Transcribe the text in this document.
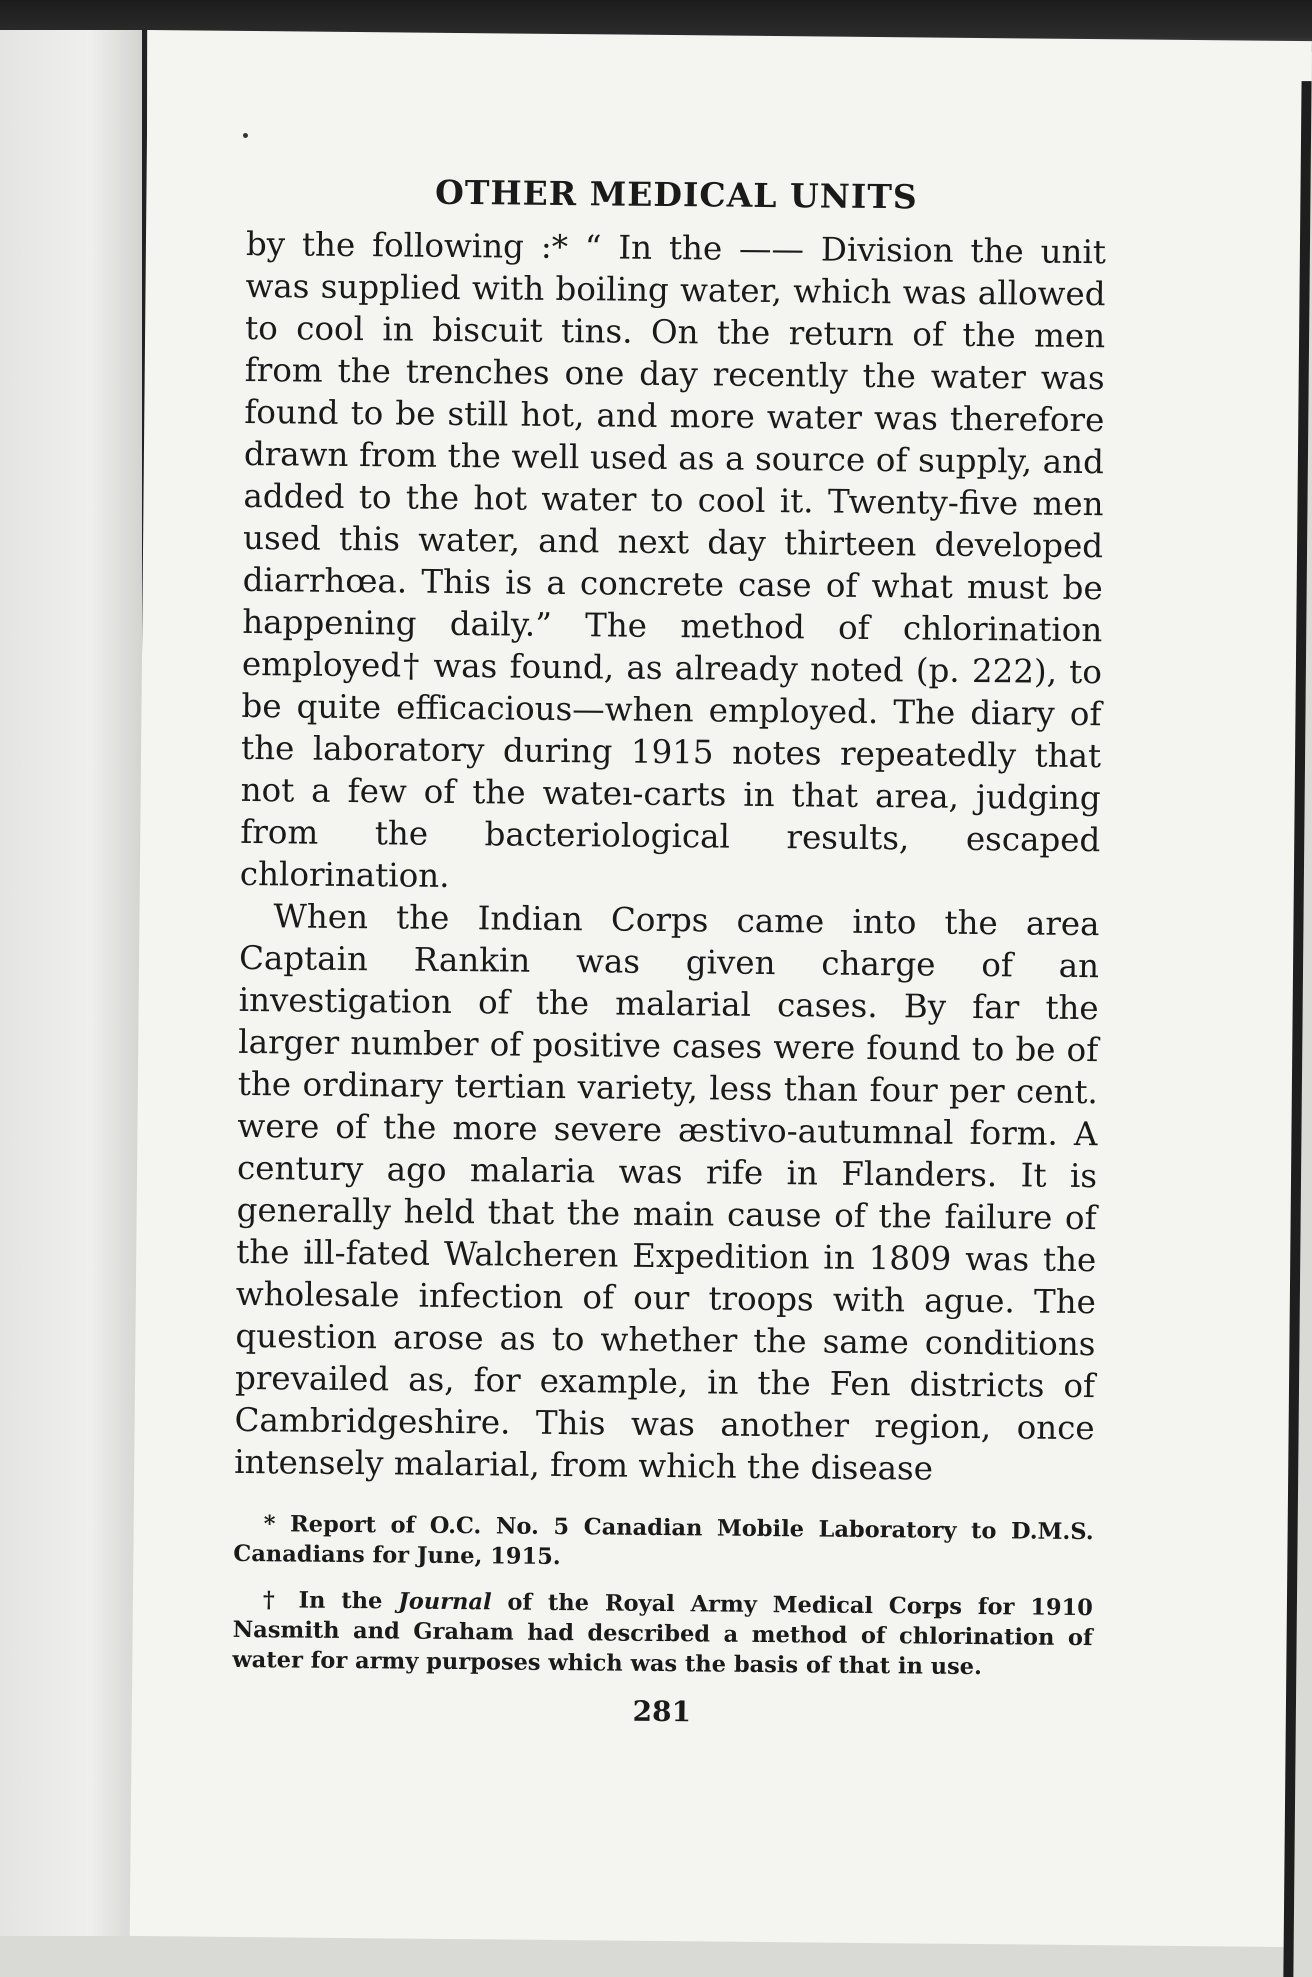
OTHER MEDICAL UNITS

by the following :* “ In the —— Division the unit was supplied with boiling water, which was allowed to cool in biscuit tins. On the return of the men from the trenches one day recently the water was found to be still hot, and more water was therefore drawn from the well used as a source of supply, and added to the hot water to cool it. Twenty-five men used this water, and next day thirteen developed diarrhœa. This is a concrete case of what must be happening daily.” The method of chlorination employed† was found, as already noted (p. 222), to be quite efficacious—when employed. The diary of the laboratory during 1915 notes repeatedly that not a few of the wateı-carts in that area, judging from the bacteriological results, escaped chlorination.

When the Indian Corps came into the area Captain Rankin was given charge of an investigation of the malarial cases. By far the larger number of positive cases were found to be of the ordinary tertian variety, less than four per cent. were of the more severe æstivo-autumnal form. A century ago malaria was rife in Flanders. It is generally held that the main cause of the failure of the ill-fated Walcheren Expedition in 1809 was the wholesale infection of our troops with ague. The question arose as to whether the same conditions prevailed as, for example, in the Fen districts of Cambridgeshire. This was another region, once intensely malarial, from which the disease

* Report of O.C. No. 5 Canadian Mobile Laboratory to D.M.S. Canadians for June, 1915.

† In the Journal of the Royal Army Medical Corps for 1910 Nasmith and Graham had described a method of chlorination of water for army purposes which was the basis of that in use.

281
